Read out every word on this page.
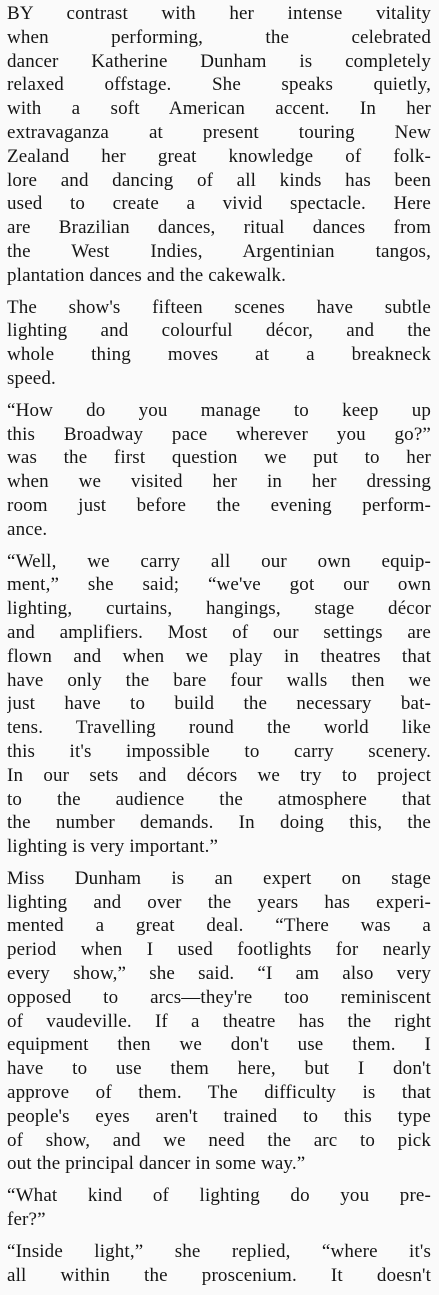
BY contrast with her intense vitality
when performing, the celebrated
dancer Katherine Dunham is completely
relaxed offstage. She speaks quietly,
with a soft American accent. In her
extravaganza at present touring New
Zealand her great knowledge of folk-
lore and dancing of all kinds has been
used to create a vivid spectacle. Here
are Brazilian dances, ritual dances from
the West Indies, Argentinian tangos,
plantation dances and the cakewalk.
The show's fifteen scenes have subtle
lighting and colourful décor, and the
whole thing moves at a breakneck
speed.
“How do you manage to keep up
this Broadway pace wherever you go?”
was the first question we put to her
when we visited her in her dressing
room just before the evening perform-
ance.
“Well, we carry all our own equip-
ment,” she said; “we've got our own
lighting, curtains, hangings, stage décor
and amplifiers. Most of our settings are
flown and when we play in theatres that
have only the bare four walls then we
just have to build the necessary bat-
tens. Travelling round the world like
this it's impossible to carry scenery.
In our sets and décors we try to project
to the audience the atmosphere that
the number demands. In doing this, the
lighting is very important.”
Miss Dunham is an expert on stage
lighting and over the years has experi-
mented a great deal. “There was a
period when I used footlights for nearly
every show,” she said. “I am also very
opposed to arcs—they're too reminiscent
of vaudeville. If a theatre has the right
equipment then we don't use them. I
have to use them here, but I don't
approve of them. The difficulty is that
people's eyes aren't trained to this type
of show, and we need the arc to pick
out the principal dancer in some way.”
“What kind of lighting do you pre-
fer?”
“Inside light,” she replied, “where it's
all within the proscenium. It doesn't
